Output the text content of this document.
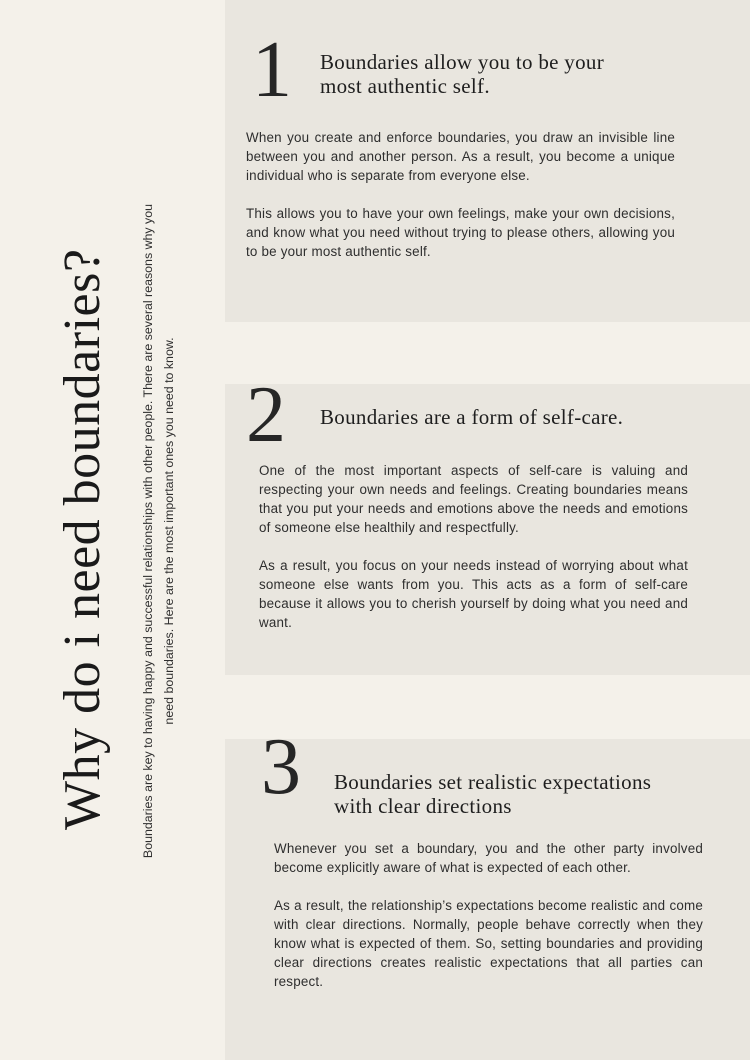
Why do i need boundaries? Boundaries are key to having happy and successful relationships with other people. There are several reasons why you need boundaries. Here are the most important ones you need to know.
1 Boundaries allow you to be your
most authentic self.

When you create and enforce boundaries, you draw an invisible line between you and another person. As a result, you become a unique individual who is separate from everyone else.

This allows you to have your own feelings, make your own decisions, and know what you need without trying to please others, allowing you to be your most authentic self.

2 Boundaries are a form of self-care.

One of the most important aspects of self-care is valuing and respecting your own needs and feelings. Creating boundaries means that you put your needs and emotions above the needs and emotions of someone else healthily and respectfully.

As a result, you focus on your needs instead of worrying about what someone else wants from you. This acts as a form of self-care because it allows you to cherish yourself by doing what you need and want.

3 Boundaries set realistic expectations
with clear directions

Whenever you set a boundary, you and the other party involved become explicitly aware of what is expected of each other.

As a result, the relationship’s expectations become realistic and come with clear directions. Normally, people behave correctly when they know what is expected of them. So, setting boundaries and providing clear directions creates realistic expectations that all parties can respect.
